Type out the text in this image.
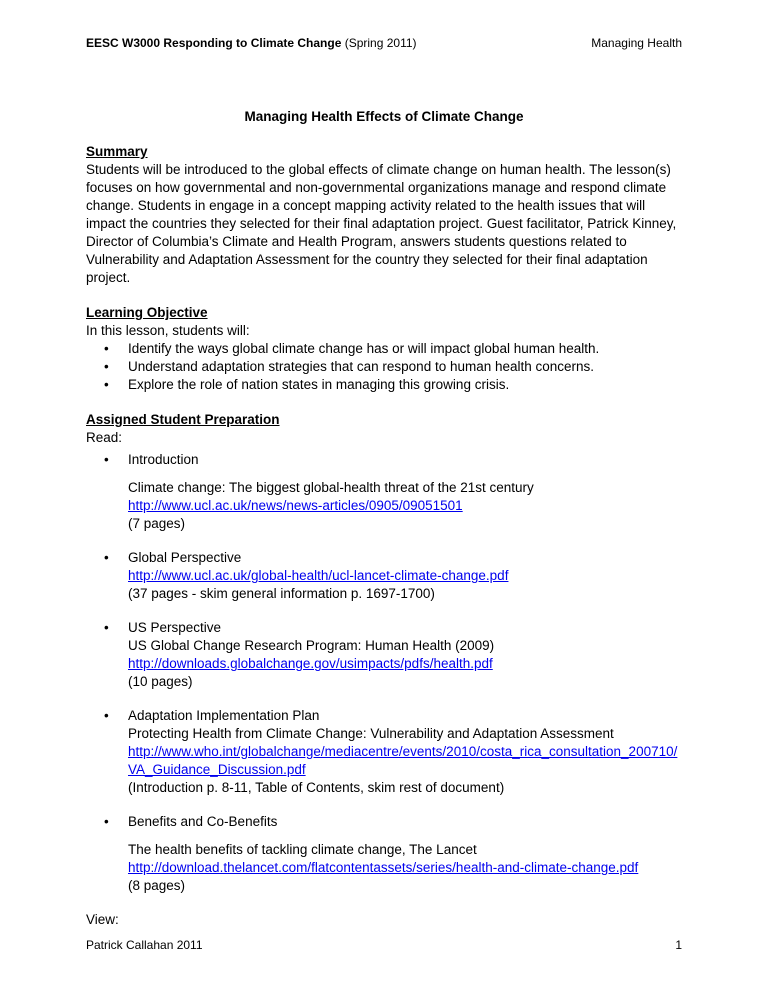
EESC W3000 Responding to Climate Change (Spring 2011)	Managing Health

Managing Health Effects of Climate Change

Summary

Students will be introduced to the global effects of climate change on human health. The lesson(s) focuses on how governmental and non-governmental organizations manage and respond climate change. Students in engage in a concept mapping activity related to the health issues that will impact the countries they selected for their final adaptation project. Guest facilitator, Patrick Kinney, Director of Columbia’s Climate and Health Program, answers students questions related to Vulnerability and Adaptation Assessment for the country they selected for their final adaptation project.

Learning Objective

In this lesson, students will:

• Identify the ways global climate change has or will impact global human health.
• Understand adaptation strategies that can respond to human health concerns.
• Explore the role of nation states in managing this growing crisis.
Assigned Student Preparation

Read:

• Introduction
Climate change: The biggest global-health threat of the 21st century
http://www.ucl.ac.uk/news/news-articles/0905/09051501
(7 pages)
• Global Perspective
http://www.ucl.ac.uk/global-health/ucl-lancet-climate-change.pdf
(37 pages - skim general information p. 1697-1700)
• US Perspective
US Global Change Research Program: Human Health (2009)
http://downloads.globalchange.gov/usimpacts/pdfs/health.pdf
(10 pages)
• Adaptation Implementation Plan
Protecting Health from Climate Change: Vulnerability and Adaptation Assessment
http://www.who.int/globalchange/mediacentre/events/2010/costa_rica_consultation_200710/VA_Guidance_Discussion.pdf
(Introduction p. 8-11, Table of Contents, skim rest of document)
• Benefits and Co-Benefits
The health benefits of tackling climate change, The Lancet
http://download.thelancet.com/flatcontentassets/series/health-and-climate-change.pdf
(8 pages)

View:

Patrick Callahan 2011	1
